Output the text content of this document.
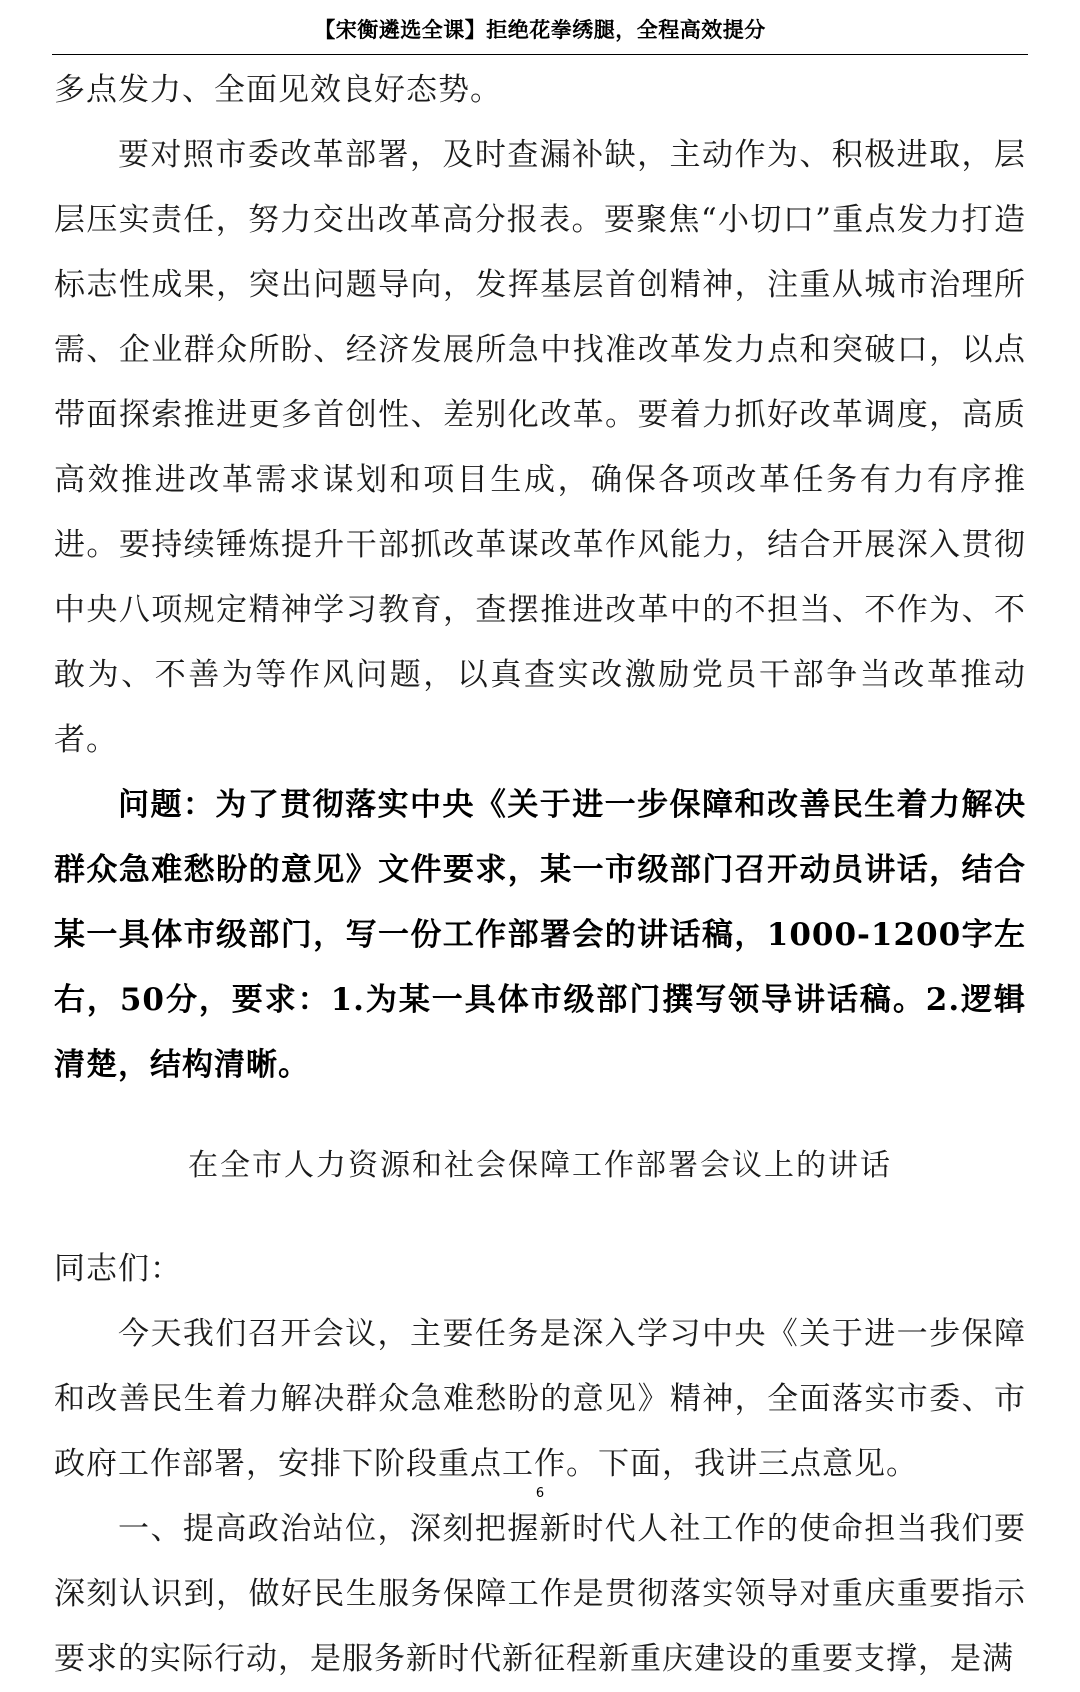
【宋衡遴选全课】拒绝花拳绣腿，全程高效提分

多点发力、全面见效良好态势。

要对照市委改革部署，及时查漏补缺，主动作为、积极进取，层层压实责任，努力交出改革高分报表。要聚焦“小切口”重点发力打造标志性成果，突出问题导向，发挥基层首创精神，注重从城市治理所需、企业群众所盼、经济发展所急中找准改革发力点和突破口，以点带面探索推进更多首创性、差别化改革。要着力抓好改革调度，高质高效推进改革需求谋划和项目生成，确保各项改革任务有力有序推进。要持续锤炼提升干部抓改革谋改革作风能力，结合开展深入贯彻中央八项规定精神学习教育，查摆推进改革中的不担当、不作为、不敢为、不善为等作风问题，以真查实改激励党员干部争当改革推动者。

问题：为了贯彻落实中央《关于进一步保障和改善民生着力解决群众急难愁盼的意见》文件要求，某一市级部门召开动员讲话，结合某一具体市级部门，写一份工作部署会的讲话稿，1000-1200字左右，50分，要求：1.为某一具体市级部门撰写领导讲话稿。2.逻辑清楚，结构清晰。

在全市人力资源和社会保障工作部署会议上的讲话

同志们：

今天我们召开会议，主要任务是深入学习中央《关于进一步保障和改善民生着力解决群众急难愁盼的意见》精神，全面落实市委、市政府工作部署，安排下阶段重点工作。下面，我讲三点意见。

一、提高政治站位，深刻把握新时代人社工作的使命担当我们要深刻认识到，做好民生服务保障工作是贯彻落实领导对重庆重要指示要求的实际行动，是服务新时代新征程新重庆建设的重要支撑，是满

6
